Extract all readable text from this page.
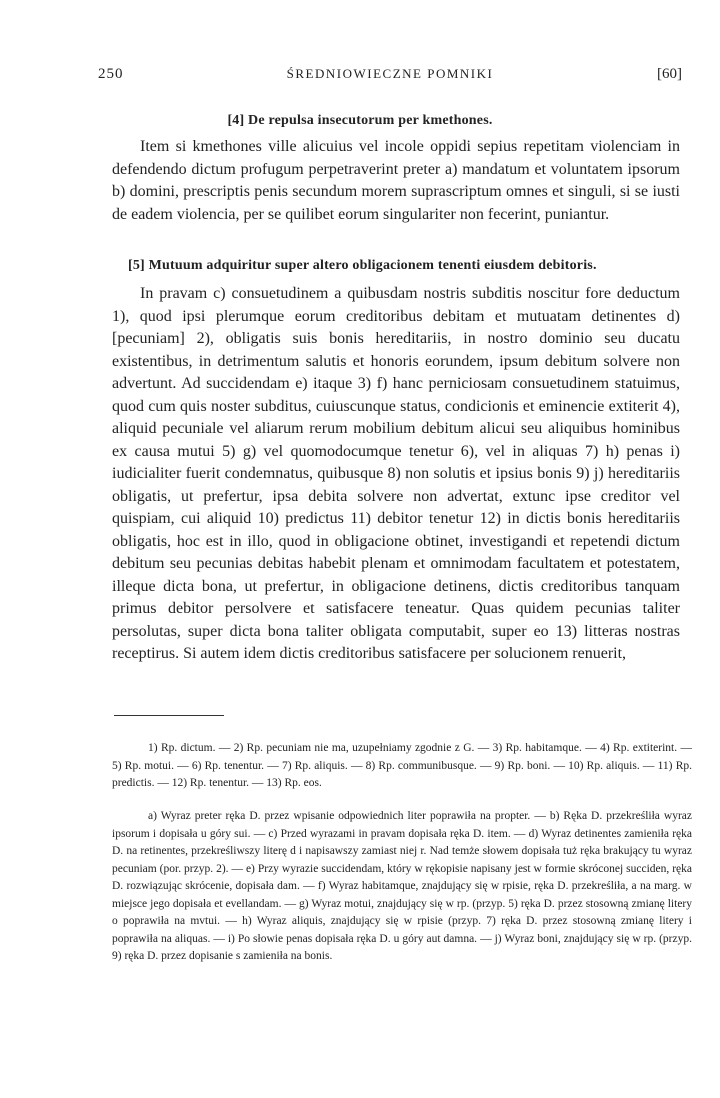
250	ŚREDNIOWIECZNE POMNIKI	[60]
[4] De repulsa insecutorum per kmethones.
Item si kmethones ville alicuius vel incole oppidi sepius repetitam violenciam in defendendo dictum profugum perpetraverint preter a) mandatum et voluntatem ipsorum b) domini, prescriptis penis secundum morem suprascriptum omnes et singuli, si se iusti de eadem violencia, per se quilibet eorum singulariter non fecerint, puniantur.
[5] Mutuum adquiritur super altero obligacionem tenenti eiusdem debitoris.
In pravam c) consuetudinem a quibusdam nostris subditis noscitur fore deductum 1), quod ipsi plerumque eorum creditoribus debitam et mutuatam detinentes d) [pecuniam] 2), obligatis suis bonis hereditariis, in nostro dominio seu ducatu existentibus, in detrimentum salutis et honoris eorundem, ipsum debitum solvere non advertunt. Ad succidendam e) itaque 3) f) hanc perniciosam consuetudinem statuimus, quod cum quis noster subditus, cuiuscunque status, condicionis et eminencie extiterit 4), aliquid pecuniale vel aliarum rerum mobilium debitum alicui seu aliquibus hominibus ex causa mutui 5) g) vel quomodocumque tenetur 6), vel in aliquas 7) h) penas i) iudicialiter fuerit condemnatus, quibusque 8) non solutis et ipsius bonis 9) j) hereditariis obligatis, ut prefertur, ipsa debita solvere non advertat, extunc ipse creditor vel quispiam, cui aliquid 10) predictus 11) debitor tenetur 12) in dictis bonis hereditariis obligatis, hoc est in illo, quod in obligacione obtinet, investigandi et repetendi dictum debitum seu pecunias debitas habebit plenam et omnimodam facultatem et potestatem, illeque dicta bona, ut prefertur, in obligacione detinens, dictis creditoribus tanquam primus debitor persolvere et satisfacere teneatur. Quas quidem pecunias taliter persolutas, super dicta bona taliter obligata computabit, super eo 13) litteras nostras receptirus. Si autem idem dictis creditoribus satisfacere per solucionem renuerit,
1) Rp. dictum. — 2) Rp. pecuniam nie ma, uzupełniamy zgodnie z G. — 3) Rp. habitamque. — 4) Rp. extiterint. — 5) Rp. motui. — 6) Rp. tenentur. — 7) Rp. aliquis. — 8) Rp. communibusque. — 9) Rp. boni. — 10) Rp. aliquis. — 11) Rp. predictis. — 12) Rp. tenentur. — 13) Rp. eos.
a) Wyraz preter ręka D. przez wpisanie odpowiednich liter poprawiła na propter. — b) Ręka D. przekreśliła wyraz ipsorum i dopisała u góry sui. — c) Przed wyrazami in pravam dopisała ręka D. item. — d) Wyraz detinentes zamieniła ręka D. na retinentes, przekreśliwszy literę d i napisawszy zamiast niej r. Nad temże słowem dopisała tuż ręka brakujący tu wyraz pecuniam (por. przyp. 2). — e) Przy wyrazie succidendam, który w rękopisie napisany jest w formie skróconej succiden, ręka D. rozwiązując skrócenie, dopisała dam. — f) Wyraz habitamque, znajdujący się w rpisie, ręka D. przekreśliła, a na marg. w miejsce jego dopisała et evellandam. — g) Wyraz motui, znajdujący się w rp. (przyp. 5) ręka D. przez stosowną zmianę litery o poprawiła na mvtui. — h) Wyraz aliquis, znajdujący się w rpisie (przyp. 7) ręka D. przez stosowną zmianę litery i poprawiła na aliquas. — i) Po słowie penas dopisała ręka D. u góry aut damna. — j) Wyraz boni, znajdujący się w rp. (przyp. 9) ręka D. przez dopisanie s zamieniła na bonis.
